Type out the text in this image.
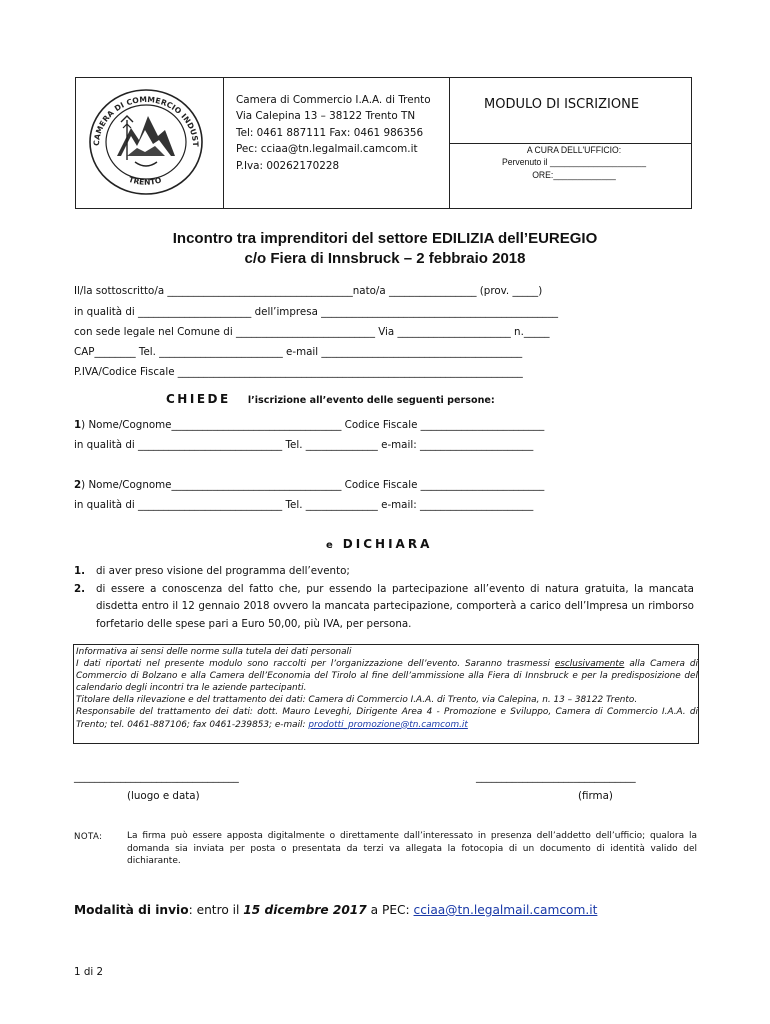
CAMERA DI COMMERCIO INDUST
TRENTO
Camera di Commercio I.A.A. di Trento
Via Calepina 13 – 38122 Trento TN
Tel: 0461 887111 Fax: 0461 986356
Pec: cciaa@tn.legalmail.camcom.it
P.Iva: 00262170228
MODULO DI ISCRIZIONE
A CURA DELL'UFFICIO:
Pervenuto il ____________________
ORE:_____________
Incontro tra imprenditori del settore EDILIZIA dell’EUREGIO
c/o Fiera di Innsbruck – 2 febbraio 2018
Il/la sottoscritto/a ____________________________________nato/a _________________ (prov. _____)
in qualità di ______________________ dell’impresa ______________________________________________
con sede legale nel Comune di ___________________________ Via ______________________ n._____
CAP________ Tel. ________________________ e-mail _______________________________________
P.IVA/Codice Fiscale ___________________________________________________________________
CHIEDE l’iscrizione all’evento delle seguenti persone:
1) Nome/Cognome_________________________________ Codice Fiscale ________________________
in qualità di ____________________________ Tel. ______________ e-mail: ______________________
2) Nome/Cognome_________________________________ Codice Fiscale ________________________
in qualità di ____________________________ Tel. ______________ e-mail: ______________________
e DICHIARA
1.	di aver preso visione del programma dell’evento;
2.	di essere a conoscenza del fatto che, pur essendo la partecipazione all’evento di natura gratuita, la mancata disdetta entro il 12 gennaio 2018 ovvero la mancata partecipazione, comporterà a carico dell’Impresa un rimborso forfetario delle spese pari a Euro 50,00, più IVA, per persona.
Informativa ai sensi delle norme sulla tutela dei dati personali
I dati riportati nel presente modulo sono raccolti per l’organizzazione dell’evento. Saranno trasmessi esclusivamente alla Camera di Commercio di Bolzano e alla Camera dell’Economia del Tirolo al fine dell’ammissione alla Fiera di Innsbruck e per la predisposizione del calendario degli incontri tra le aziende partecipanti.
Titolare della rilevazione e del trattamento dei dati: Camera di Commercio I.A.A. di Trento, via Calepina, n. 13 – 38122 Trento.
Responsabile del trattamento dei dati: dott. Mauro Leveghi, Dirigente Area 4 - Promozione e Sviluppo, Camera di Commercio I.A.A. di Trento; tel. 0461-887106; fax 0461-239853; e-mail: prodotti_promozione@tn.camcom.it
________________________________	_______________________________
(luogo e data)	(firma)
NOTA:	La firma può essere apposta digitalmente o direttamente dall’interessato in presenza dell’addetto dell’ufficio; qualora la domanda sia inviata per posta o presentata da terzi va allegata la fotocopia di un documento di identità valido del dichiarante.
Modalità di invio: entro il 15 dicembre 2017 a PEC: cciaa@tn.legalmail.camcom.it
1 di 2
